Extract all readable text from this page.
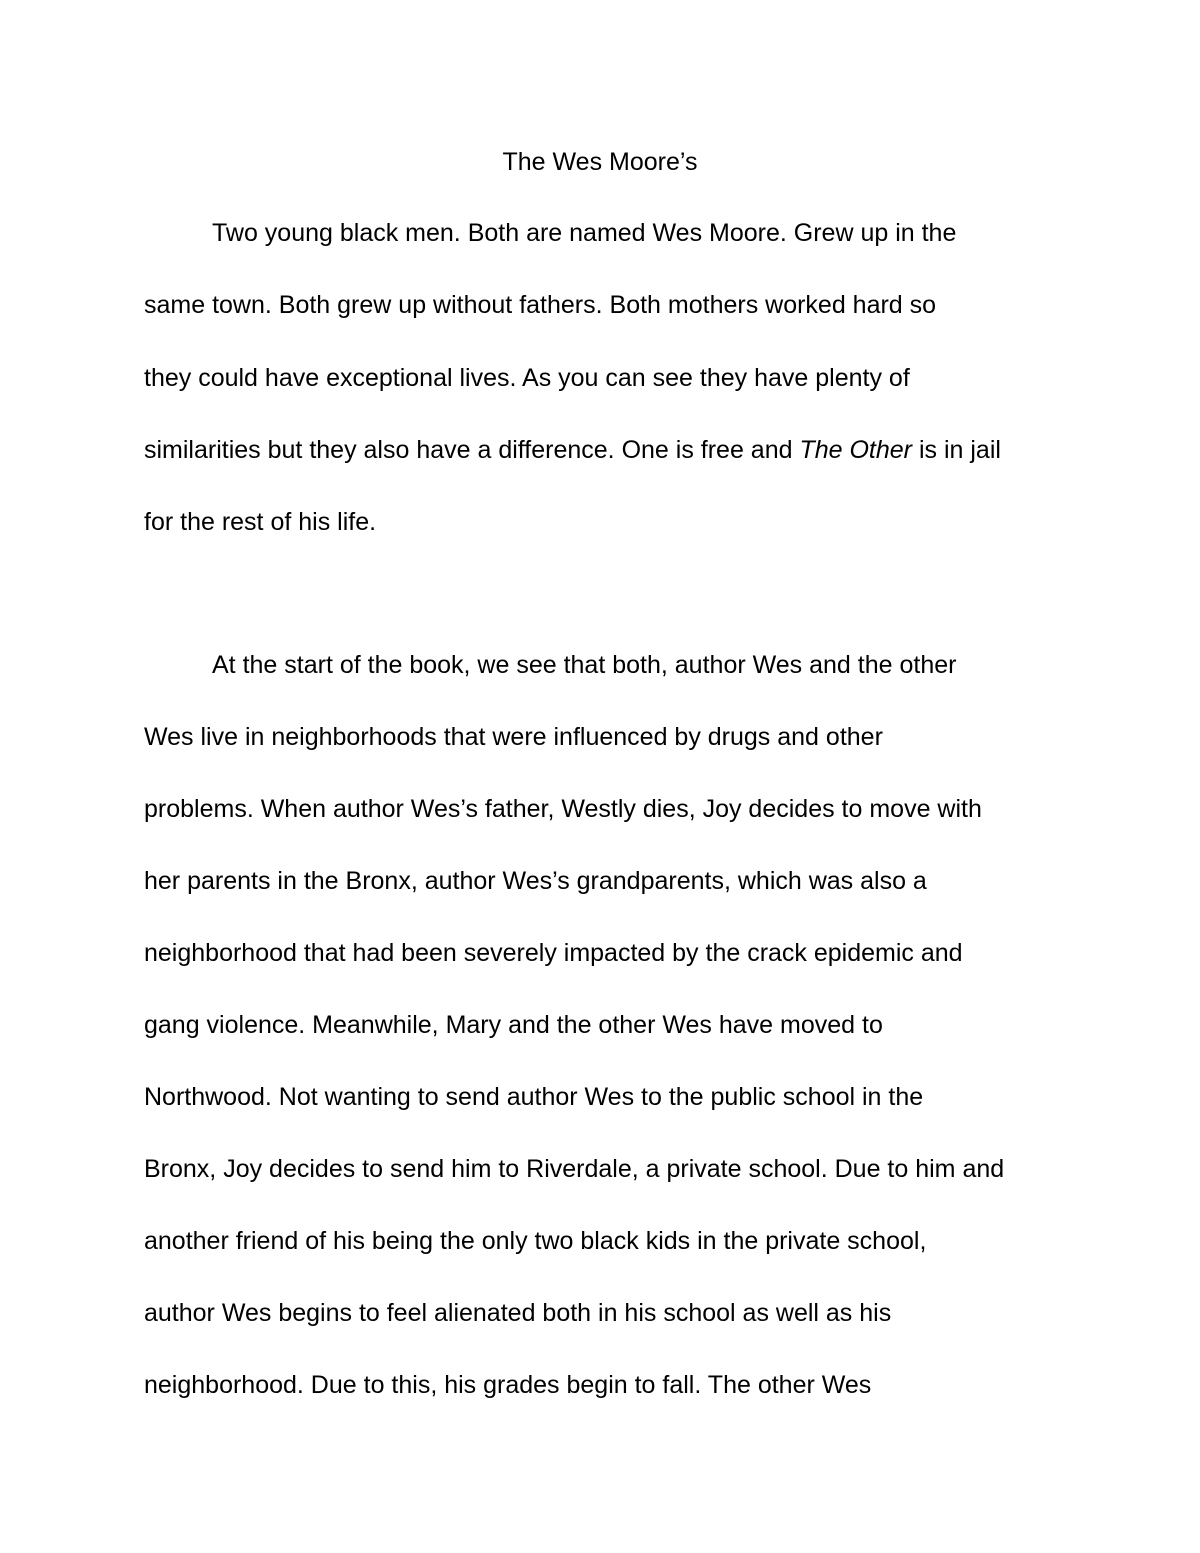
The Wes Moore’s

Two young black men. Both are named Wes Moore. Grew up in the

same town. Both grew up without fathers. Both mothers worked hard so

they could have exceptional lives. As you can see they have plenty of

similarities but they also have a difference. One is free and The Other is in jail

for the rest of his life.

At the start of the book, we see that both, author Wes and the other

Wes live in neighborhoods that were influenced by drugs and other

problems. When author Wes’s father, Westly dies, Joy decides to move with

her parents in the Bronx, author Wes’s grandparents, which was also a

neighborhood that had been severely impacted by the crack epidemic and

gang violence. Meanwhile, Mary and the other Wes have moved to

Northwood. Not wanting to send author Wes to the public school in the

Bronx, Joy decides to send him to Riverdale, a private school. Due to him and

another friend of his being the only two black kids in the private school,

author Wes begins to feel alienated both in his school as well as his

neighborhood. Due to this, his grades begin to fall. The other Wes
